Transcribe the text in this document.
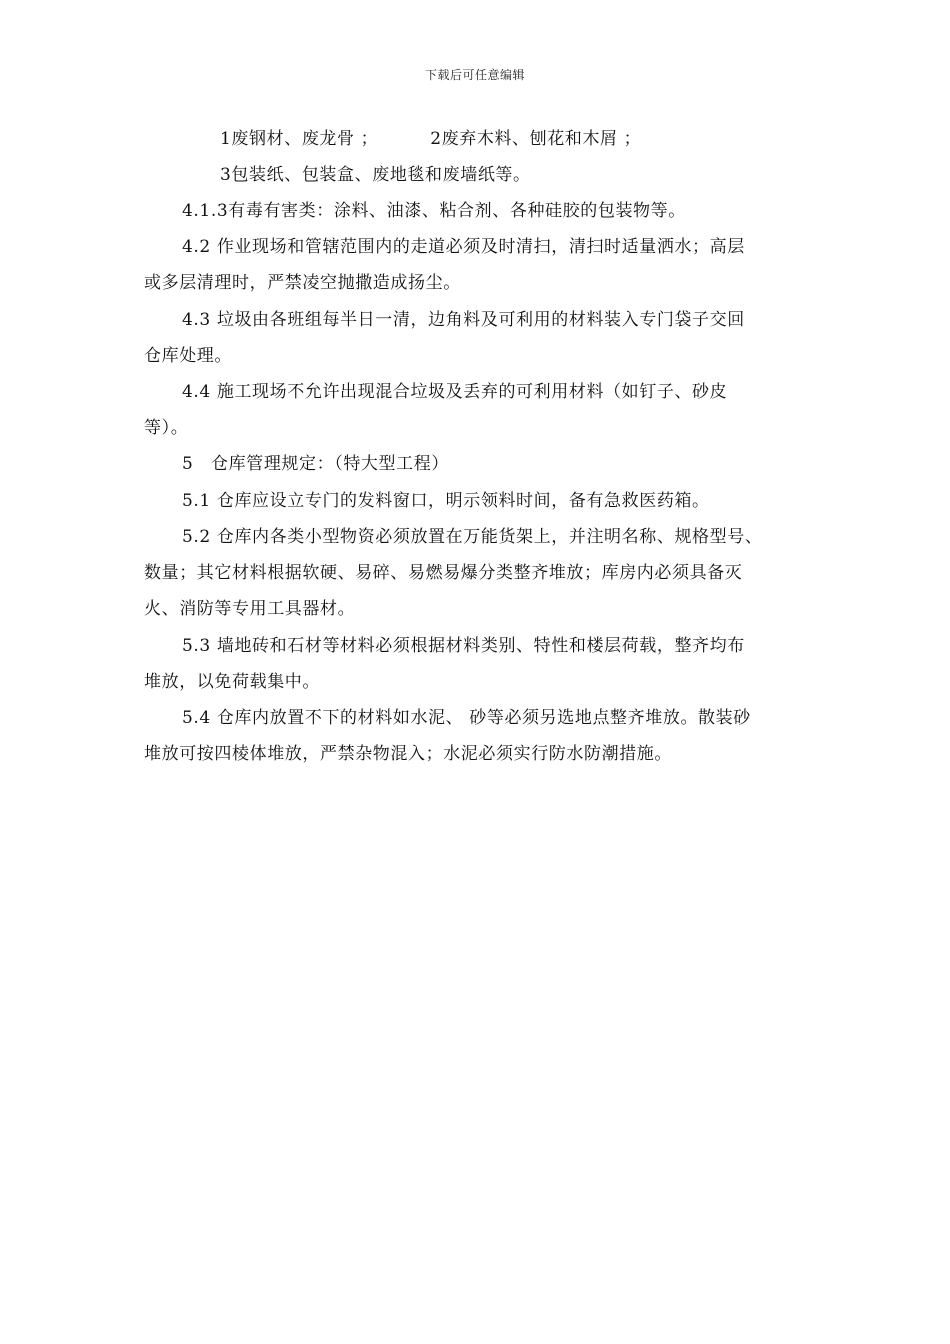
下载后可任意编辑
1废钢材、废龙骨 ；	2废弃木料、刨花和木屑 ；
3包装纸、包装盒、废地毯和废墙纸等。
4.1.3有毒有害类：涂料、油漆、粘合剂、各种硅胶的包装物等。
4.2 作业现场和管辖范围内的走道必须及时清扫，清扫时适量洒水；高层
或多层清理时，严禁凌空抛撒造成扬尘。
4.3 垃圾由各班组每半日一清，边角料及可利用的材料装入专门袋子交回
仓库处理。
4.4 施工现场不允许出现混合垃圾及丢弃的可利用材料（如钉子、砂皮
等）。
5　仓库管理规定：（特大型工程）
5.1 仓库应设立专门的发料窗口，明示领料时间，备有急救医药箱。
5.2 仓库内各类小型物资必须放置在万能货架上，并注明名称、规格型号、
数量；其它材料根据软硬、易碎、易燃易爆分类整齐堆放；库房内必须具备灭
火、消防等专用工具器材。
5.3 墙地砖和石材等材料必须根据材料类别、特性和楼层荷载，整齐均布
堆放，以免荷载集中。
5.4 仓库内放置不下的材料如水泥、 砂等必须另选地点整齐堆放。散装砂
堆放可按四棱体堆放，严禁杂物混入；水泥必须实行防水防潮措施。
